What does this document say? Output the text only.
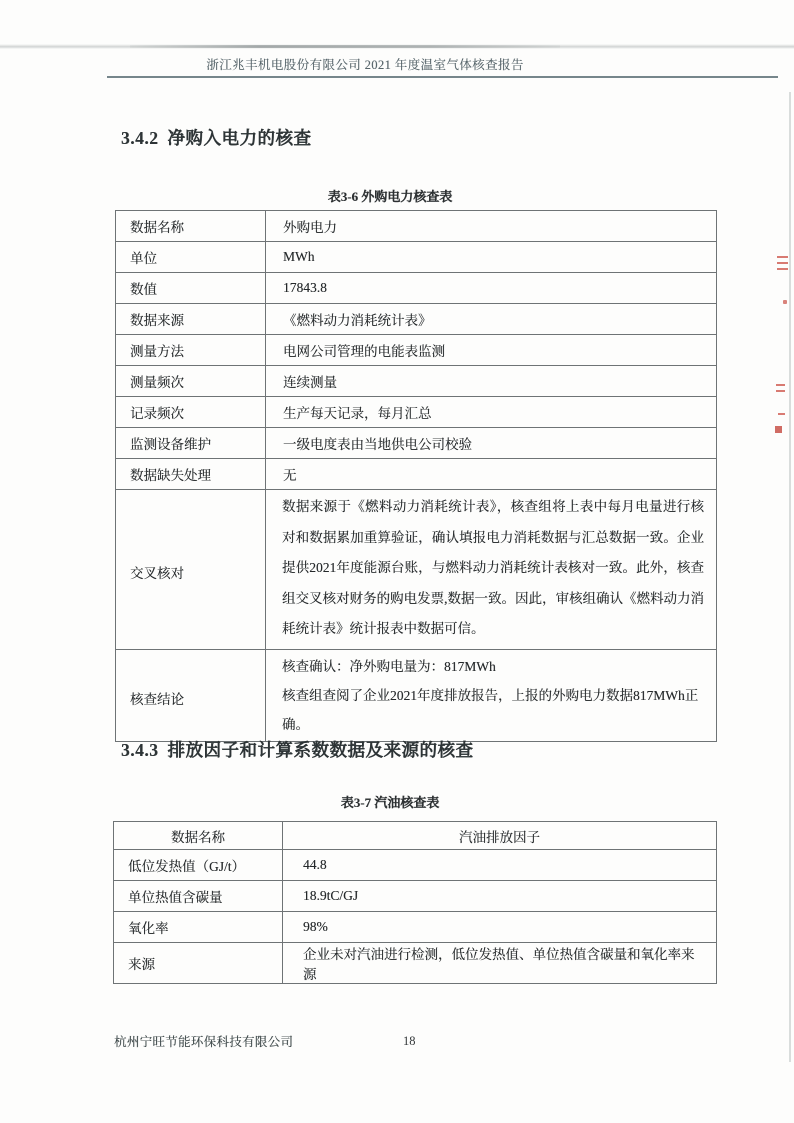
浙江兆丰机电股份有限公司 2021 年度温室气体核查报告
3.4.2 净购入电力的核查
表3-6 外购电力核查表
数据名称	外购电力
单位	MWh
数值	17843.8
数据来源	《燃料动力消耗统计表》
测量方法	电网公司管理的电能表监测
测量频次	连续测量
记录频次	生产每天记录，每月汇总
监测设备维护	一级电度表由当地供电公司校验
数据缺失处理	无
交叉核对	数据来源于《燃料动力消耗统计表》，核查组将上表中每月电量进行核对和数据累加重算验证，确认填报电力消耗数据与汇总数据一致。企业提供2021年度能源台账，与燃料动力消耗统计表核对一致。此外，核查组交叉核对财务的购电发票,数据一致。因此，审核组确认《燃料动力消耗统计表》统计报表中数据可信。
核查结论	核查确认：净外购电量为：817MWh
核查组查阅了企业2021年度排放报告，上报的外购电力数据817MWh正确。
3.4.3 排放因子和计算系数数据及来源的核查
表3-7 汽油核查表
数据名称	汽油排放因子
低位发热值（GJ/t）	44.8
单位热值含碳量	18.9tC/GJ
氧化率	98%
来源	企业未对汽油进行检测，低位发热值、单位热值含碳量和氧化率来源
杭州宁旺节能环保科技有限公司	18
